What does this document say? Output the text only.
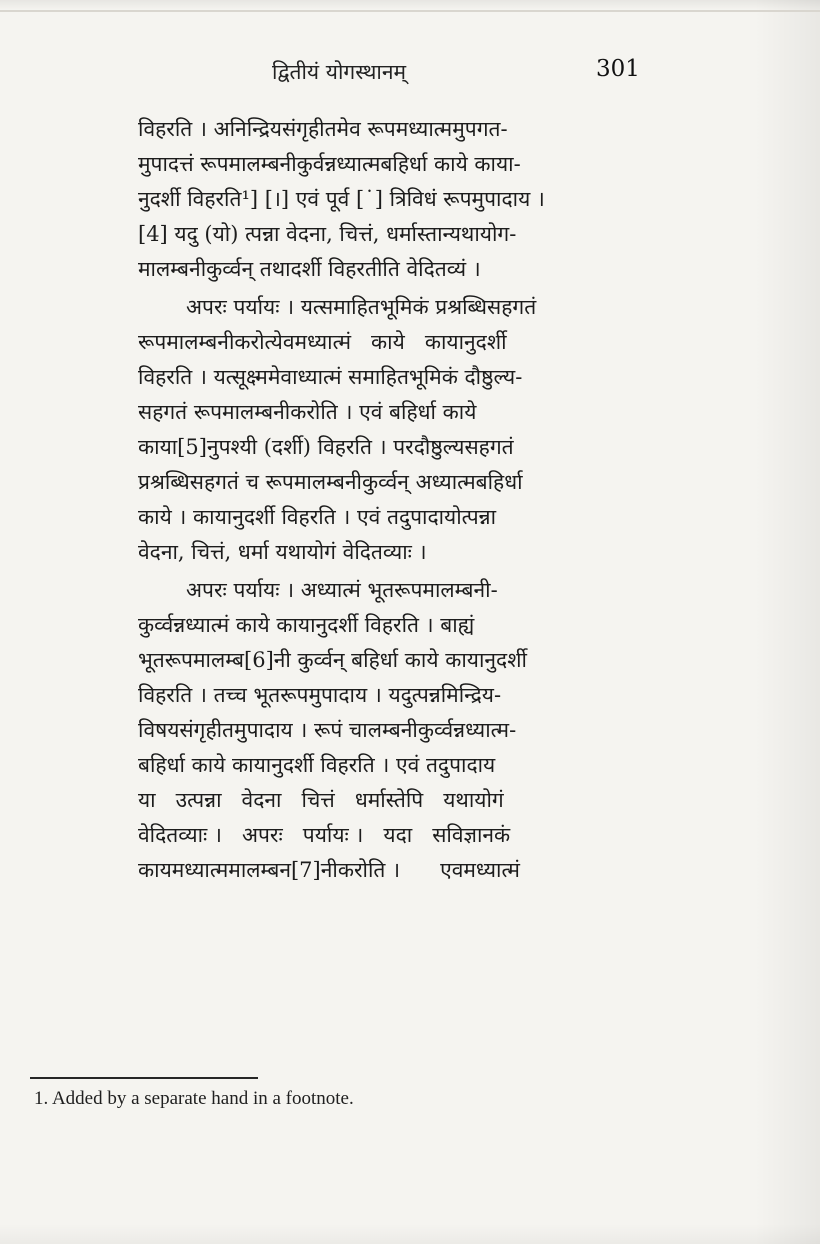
द्वितीयं योगस्थानम्	301
विहरति । अनिन्द्रियसंगृहीतमेव रूपमध्यात्ममुपगत-
मुपादत्तं रूपमालम्बनीकुर्वन्नध्यात्मबहिर्धा काये काया-
नुदर्शी विहरति¹] [।] एवं पूर्व [˙] त्रिविधं रूपमुपादाय ।
[4] यदु (यो) त्पन्ना वेदना, चित्तं, धर्मास्तान्यथायोग-
मालम्बनीकुर्व्वन् तथादर्शी विहरतीति वेदितव्यं ।
अपरः पर्यायः । यत्समाहितभूमिकं प्रश्रब्धिसहगतं
रूपमालम्बनीकरोत्येवमध्यात्मं   काये   कायानुदर्शी
विहरति । यत्सूक्ष्ममेवाध्यात्मं समाहितभूमिकं दौष्ठुल्य-
सहगतं रूपमालम्बनीकरोति । एवं बहिर्धा काये
काया[5]नुपश्यी (दर्शी) विहरति । परदौष्ठुल्यसहगतं
प्रश्रब्धिसहगतं च रूपमालम्बनीकुर्व्वन् अध्यात्मबहिर्धा
काये । कायानुदर्शी विहरति । एवं तदुपादायोत्पन्ना
वेदना, चित्तं, धर्मा यथायोगं वेदितव्याः ।
अपरः पर्यायः । अध्यात्मं भूतरूपमालम्बनी-
कुर्व्वन्नध्यात्मं काये कायानुदर्शी विहरति । बाह्यं
भूतरूपमालम्ब[6]नी कुर्व्वन् बहिर्धा काये कायानुदर्शी
विहरति । तच्च भूतरूपमुपादाय । यदुत्पन्नमिन्द्रिय-
विषयसंगृहीतमुपादाय । रूपं चालम्बनीकुर्व्वन्नध्यात्म-
बहिर्धा काये कायानुदर्शी विहरति । एवं तदुपादाय
या   उत्पन्ना   वेदना   चित्तं   धर्मास्तेपि   यथायोगं
वेदितव्याः ।   अपरः   पर्यायः ।   यदा   सविज्ञानकं
कायमध्यात्ममालम्बन[7]नीकरोति ।      एवमध्यात्मं
1. Added by a separate hand in a footnote.
